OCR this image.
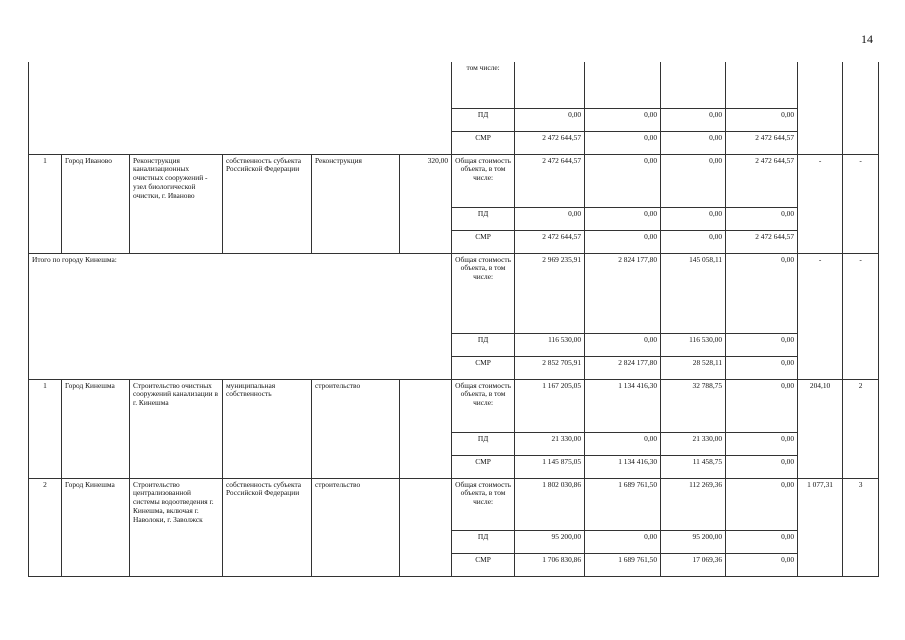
14
						том числе:						
						ПД	0,00	0,00	0,00	0,00		
						СМР	2 472 644,57	0,00	0,00	2 472 644,57		
1	Город Иваново	Реконструкция канализационных очистных сооружений - узел биологической очистки, г. Иваново	собственность субъекта Российской Федерации	Реконструкция	320,00	Общая стоимость объекта, в том числе:	2 472 644,57	0,00	0,00	2 472 644,57	-	-
						ПД	0,00	0,00	0,00	0,00		
						СМР	2 472 644,57	0,00	0,00	2 472 644,57		
Итого по городу Кинешма:						Общая стоимость объекта, в том числе:	2 969 235,91	2 824 177,80	145 058,11	0,00	-	-
						ПД	116 530,00	0,00	116 530,00	0,00		
						СМР	2 852 705,91	2 824 177,80	28 528,11	0,00		
1	Город Кинешма	Строительство очистных сооружений канализации в г. Кинешма	муниципальная собственность	строительство		Общая стоимость объекта, в том числе:	1 167 205,05	1 134 416,30	32 788,75	0,00	204,10	2
						ПД	21 330,00	0,00	21 330,00	0,00		
						СМР	1 145 875,05	1 134 416,30	11 458,75	0,00		
2	Город Кинешма	Строительство централизованной системы водоотведения г. Кинешма, включая г. Наволоки, г. Заволжск	собственность субъекта Российской Федерации	строительство		Общая стоимость объекта, в том числе:	1 802 030,86	1 689 761,50	112 269,36	0,00	1 077,31	3
						ПД	95 200,00	0,00	95 200,00	0,00		
						СМР	1 706 830,86	1 689 761,50	17 069,36	0,00		
